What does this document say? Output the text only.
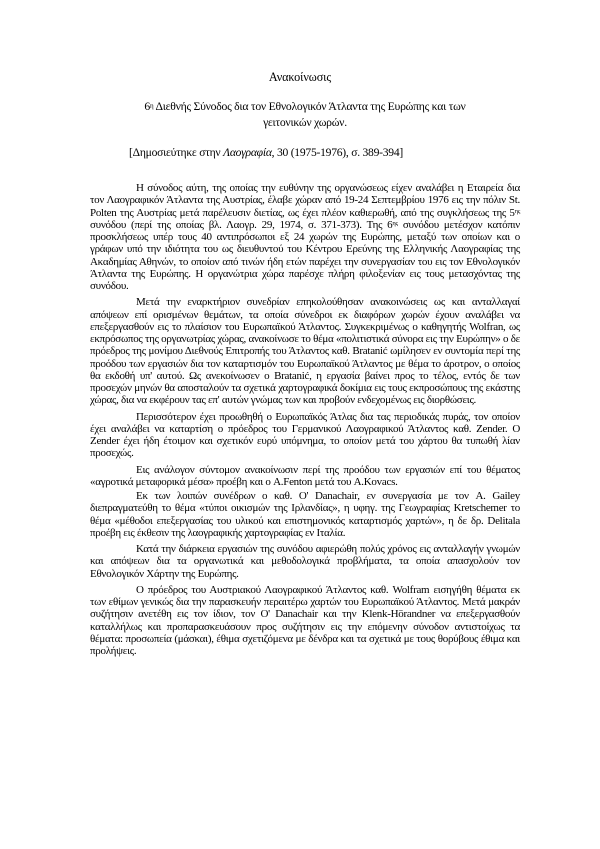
Ανακοίνωσις
$6^\eta$ Διεθνής Σύνοδος δια τον Εθνολογικόν Άτλαντα της Ευρώπης και των γειτονικών χωρών.
[Δημοσιεύτηκε στην Λαογραφία, 30 (1975-1976), σ. 389-394]

Η σύνοδος αύτη, της οποίας την ευθύνην της οργανώσεως είχεν αναλάβει η Εταιρεία δια τον Λαογραφικόν Άτλαντα της Αυστρίας, έλαβε χώραν από 19-24 Σεπτεμβρίου 1976 εις την πόλιν St. Polten της Αυστρίας μετά παρέλευσιν διετίας, ως έχει πλέον καθιερωθή, από της συγκλήσεως της $5^{\eta\varsigma}$ συνόδου (περί της οποίας βλ. Λαογρ. 29, 1974, σ. 371-373). Της $6^{\eta\varsigma}$ συνόδου μετέσχον κατόπιν προσκλήσεως υπέρ τους 40 αντιπρόσωποι εξ 24 χωρών της Ευρώπης, μεταξύ των οποίων και ο γράφων υπό την ιδιότητα του ως διευθυντού του Κέντρου Ερεύνης της Ελληνικής Λαογραφίας της Ακαδημίας Αθηνών, το οποίον από τινών ήδη ετών παρέχει την συνεργασίαν του εις τον Εθνολογικόν Άτλαντα της Ευρώπης. Η οργανώτρια χώρα παρέσχε πλήρη φιλοξενίαν εις τους μετασχόντας της συνόδου.

Μετά την εναρκτήριον συνεδρίαν επηκολούθησαν ανακοινώσεις ως και ανταλλαγαί απόψεων επί ορισμένων θεμάτων, τα οποία σύνεδροι εκ διαφόρων χωρών έχουν αναλάβει να επεξεργασθούν εις το πλαίσιον του Ευρωπαϊκού Άτλαντος. Συγκεκριμένως ο καθηγητής Wolfran, ως εκπρόσωπος της οργανωτρίας χώρας, ανακοίνωσε το θέμα «πολιτιστικά σύνορα εις την Ευρώπην» ο δε πρόεδρος της μονίμου Διεθνούς Επιτροπής του Άτλαντος καθ. Bratanić ωμίλησεν εν συντομία περί της προόδου των εργασιών δια τον καταρτισμόν του Ευρωπαϊκού Άτλαντος με θέμα το άροτρον, ο οποίος θα εκδοθή υπ' αυτού. Ως ανεκοίνωσεν ο Bratanić, η εργασία βαίνει προς το τέλος, εντός δε των προσεχών μηνών θα αποσταλούν τα σχετικά χαρτογραφικά δοκίμια εις τους εκπροσώπους της εκάστης χώρας, δια να εκφέρουν τας επ' αυτών γνώμας των και προβούν ενδεχομένως εις διορθώσεις.

Περισσότερον έχει προωθηθή ο Ευρωπαϊκός Άτλας δια τας περιοδικάς πυράς, τον οποίον έχει αναλάβει να καταρτίση ο πρόεδρος του Γερμανικού Λαογραφικού Άτλαντος καθ. Zender. Ο Zender έχει ήδη έτοιμον και σχετικόν ευρύ υπόμνημα, το οποίον μετά του χάρτου θα τυπωθή λίαν προσεχώς.

Εις ανάλογον σύντομον ανακοίνωσιν περί της προόδου των εργασιών επί του θέματος «αγροτικά μεταφορικά μέσα» προέβη και ο A.Fenton μετά του A.Kovacs.

Εκ των λοιπών συνέδρων ο καθ. O' Danachair, εν συνεργασία με τον A. Gailey διεπραγματεύθη το θέμα «τύποι οικισμών της Ιρλανδίας», η υφηγ. της Γεωγραφίας Kretschemer το θέμα «μέθοδοι επεξεργασίας του υλικού και επιστημονικός καταρτισμός χαρτών», η δε δρ. Delitala προέβη εις έκθεσιν της λαογραφικής χαρτογραφίας εν Ιταλία.

Κατά την διάρκεια εργασιών της συνόδου αφιερώθη πολύς χρόνος εις ανταλλαγήν γνωμών και απόψεων δια τα οργανωτικά και μεθοδολογικά προβλήματα, τα οποία απασχολούν τον Εθνολογικόν Χάρτην της Ευρώπης.

Ο πρόεδρος του Αυστριακού Λαογραφικού Άτλαντος καθ. Wolfram εισηγήθη θέματα εκ των εθίμων γενικώς δια την παρασκευήν περαιτέρω χαρτών του Ευρωπαϊκού Άτλαντος. Μετά μακράν συζήτησιν ανετέθη εις τον ίδιον, τον O' Danachair και την Klenk-Hörandner να επεξεργασθούν καταλλήλως και προπαρασκευάσουν προς συζήτησιν εις την επόμενην σύνοδον αντιστοίχως τα θέματα: προσωπεία (μάσκαι), έθιμα σχετιζόμενα με δένδρα και τα σχετικά με τους θορύβους έθιμα και προλήψεις.
